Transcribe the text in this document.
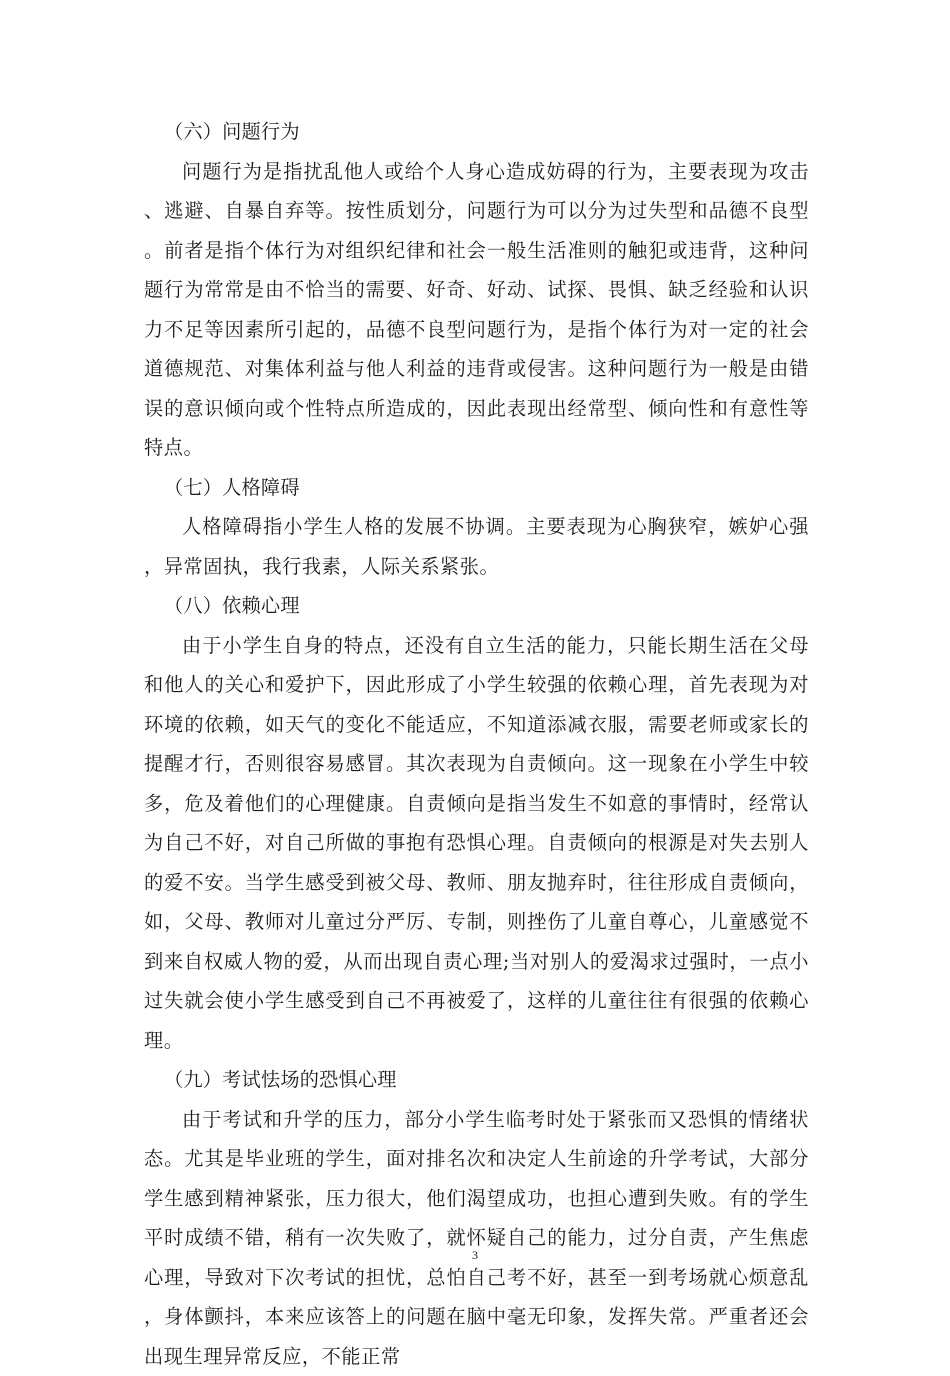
（六）问题行为

问题行为是指扰乱他人或给个人身心造成妨碍的行为，主要表现为攻击、逃避、自暴自弃等。按性质划分，问题行为可以分为过失型和品德不良型。前者是指个体行为对组织纪律和社会一般生活准则的触犯或违背，这种问题行为常常是由不恰当的需要、好奇、好动、试探、畏惧、缺乏经验和认识力不足等因素所引起的，品德不良型问题行为，是指个体行为对一定的社会道德规范、对集体利益与他人利益的违背或侵害。这种问题行为一般是由错误的意识倾向或个性特点所造成的，因此表现出经常型、倾向性和有意性等特点。

（七）人格障碍

人格障碍指小学生人格的发展不协调。主要表现为心胸狭窄，嫉妒心强，异常固执，我行我素，人际关系紧张。

（八）依赖心理

由于小学生自身的特点，还没有自立生活的能力，只能长期生活在父母和他人的关心和爱护下，因此形成了小学生较强的依赖心理，首先表现为对环境的依赖，如天气的变化不能适应，不知道添减衣服，需要老师或家长的提醒才行，否则很容易感冒。其次表现为自责倾向。这一现象在小学生中较多，危及着他们的心理健康。自责倾向是指当发生不如意的事情时，经常认为自己不好，对自己所做的事抱有恐惧心理。自责倾向的根源是对失去别人的爱不安。当学生感受到被父母、教师、朋友抛弃时，往往形成自责倾向，如，父母、教师对儿童过分严厉、专制，则挫伤了儿童自尊心，儿童感觉不到来自权威人物的爱，从而出现自责心理;当对别人的爱渴求过强时，一点小过失就会使小学生感受到自己不再被爱了，这样的儿童往往有很强的依赖心理。

（九）考试怯场的恐惧心理

由于考试和升学的压力，部分小学生临考时处于紧张而又恐惧的情绪状态。尤其是毕业班的学生，面对排名次和决定人生前途的升学考试，大部分学生感到精神紧张，压力很大，他们渴望成功，也担心遭到失败。有的学生平时成绩不错，稍有一次失败了，就怀疑自己的能力，过分自责，产生焦虑心理，导致对下次考试的担忧，总怕自己考不好，甚至一到考场就心烦意乱，身体颤抖，本来应该答上的问题在脑中毫无印象，发挥失常。严重者还会出现生理异常反应，不能正常

3
